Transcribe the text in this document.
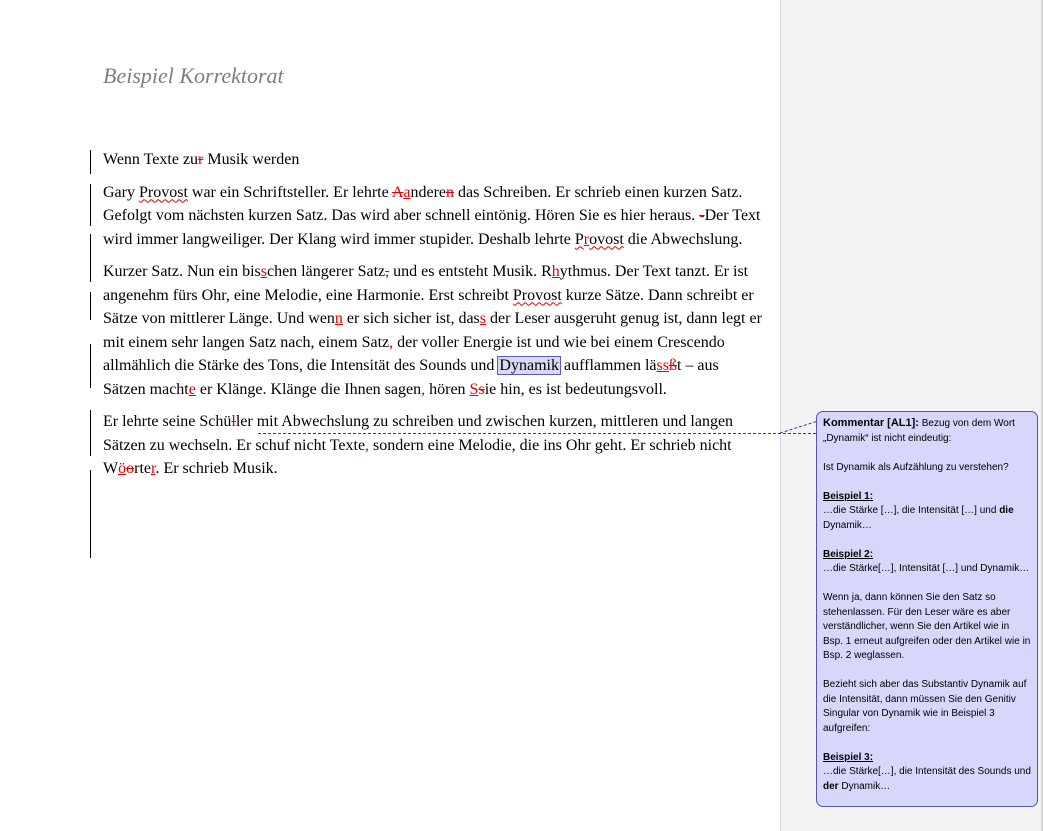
Beispiel Korrektorat

Wenn Texte zur Musik werden

Gary Provost war ein Schriftsteller. Er lehrte Aanderen das Schreiben. Er schrieb einen kurzen Satz. Gefolgt vom nächsten kurzen Satz. Das wird aber schnell eintönig. Hören Sie es hier heraus. -Der Text wird immer langweiliger. Der Klang wird immer stupider. Deshalb lehrte Provost die Abwechslung.

Kurzer Satz. Nun ein bisschen längerer Satz, und es entsteht Musik. Rhythmus. Der Text tanzt. Er ist angenehm fürs Ohr, eine Melodie, eine Harmonie. Erst schreibt Provost kurze Sätze. Dann schreibt er Sätze von mittlerer Länge. Und wenn er sich sicher ist, dass der Leser ausgeruht genug ist, dann legt er mit einem sehr langen Satz nach, einem Satz, der voller Energie ist und wie bei einem Crescendo allmählich die Stärke des Tons, die Intensität des Sounds und Dynamik aufflammen lässßt – aus Sätzen machte er Klänge. Klänge die Ihnen sagen, hören Ssie hin, es ist bedeutungsvoll.

Er lehrte seine Schüller mit Abwechslung zu schreiben und zwischen kurzen, mittleren und langen Sätzen zu wechseln. Er schuf nicht Texte, sondern eine Melodie, die ins Ohr geht. Er schrieb nicht Wöorter. Er schrieb Musik.

Kommentar [AL1]: Bezug von dem Wort „Dynamik“ ist nicht eindeutig:

Ist Dynamik als Aufzählung zu verstehen?

Beispiel 1:

…die Stärke […], die Intensität […] und die Dynamik…

Beispiel 2:

…die Stärke[…], Intensität […] und Dynamik…

Wenn ja, dann können Sie den Satz so stehenlassen. Für den Leser wäre es aber verständlicher, wenn Sie den Artikel wie in Bsp. 1 erneut aufgreifen oder den Artikel wie in Bsp. 2 weglassen.

Bezieht sich aber das Substantiv Dynamik auf die Intensität, dann müssen Sie den Genitiv Singular von Dynamik wie in Beispiel 3 aufgreifen:

Beispiel 3:

…die Stärke[…], die Intensität des Sounds und der Dynamik…
